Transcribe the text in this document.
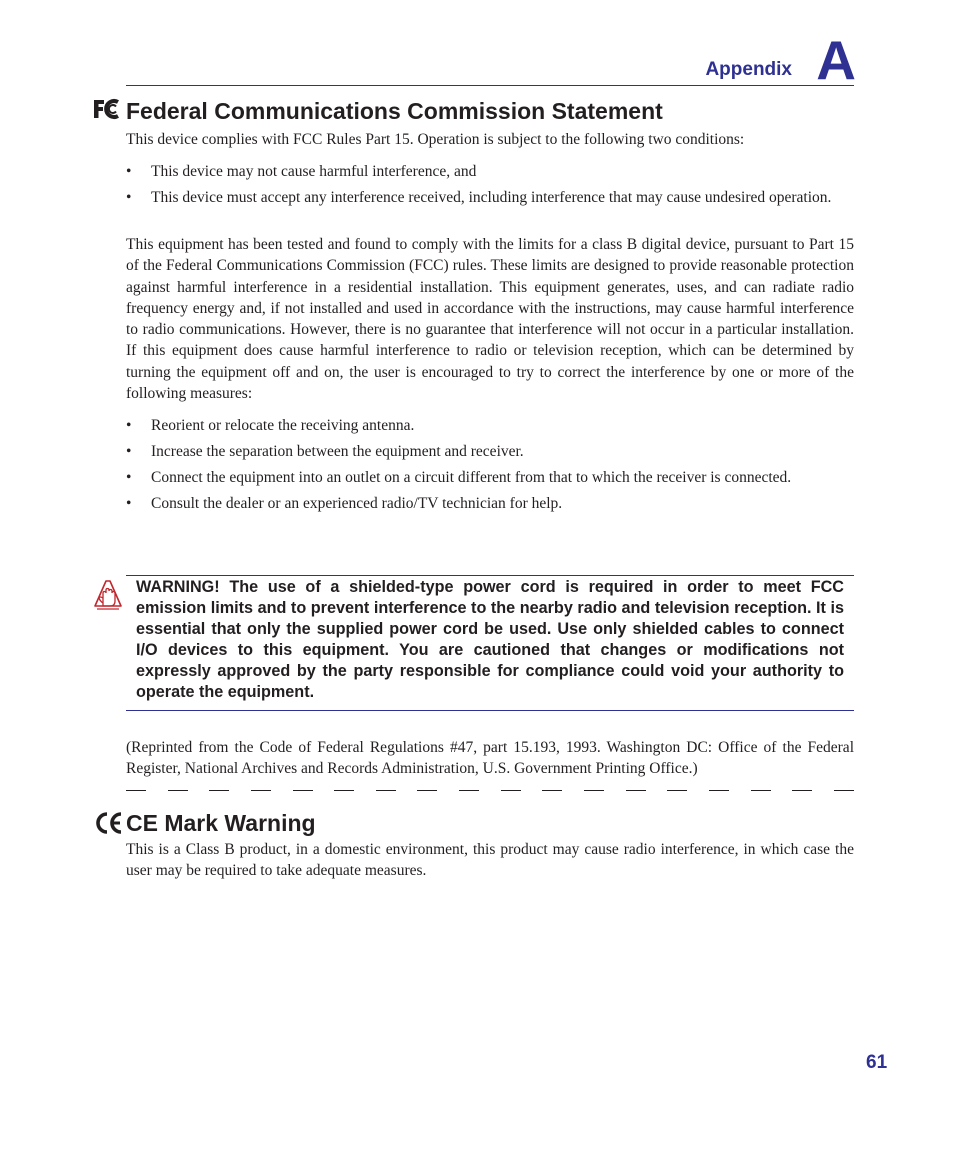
Appendix A
Federal Communications Commission Statement

This device complies with FCC Rules Part 15. Operation is subject to the following two conditions:

• This device may not cause harmful interference, and
• This device must accept any interference received, including interference that may cause undesired operation.

This equipment has been tested and found to comply with the limits for a class B digital device, pursuant to Part 15 of the Federal Communications Commission (FCC) rules. These limits are designed to provide reasonable protection against harmful interference in a residential installation. This equipment generates, uses, and can radiate radio frequency energy and, if not installed and used in accordance with the instructions, may cause harmful interference to radio communications. However, there is no guarantee that interference will not occur in a particular installation. If this equipment does cause harmful interference to radio or television reception, which can be determined by turning the equipment off and on, the user is encouraged to try to correct the interference by one or more of the following measures:

• Reorient or relocate the receiving antenna.
• Increase the separation between the equipment and receiver.
• Connect the equipment into an outlet on a circuit different from that to which the receiver is connected.
• Consult the dealer or an experienced radio/TV technician for help.

WARNING! The use of a shielded-type power cord is required in order to meet FCC emission limits and to prevent interference to the nearby radio and television reception. It is essential that only the supplied power cord be used. Use only shielded cables to connect I/O devices to this equipment. You are cautioned that changes or modifications not expressly approved by the party responsible for compliance could void your authority to operate the equipment.

(Reprinted from the Code of Federal Regulations #47, part 15.193, 1993. Washington DC: Office of the Federal Register, National Archives and Records Administration, U.S. Government Printing Office.)

CE Mark Warning

This is a Class B product, in a domestic environment, this product may cause radio interference, in which case the user may be required to take adequate measures.

61
